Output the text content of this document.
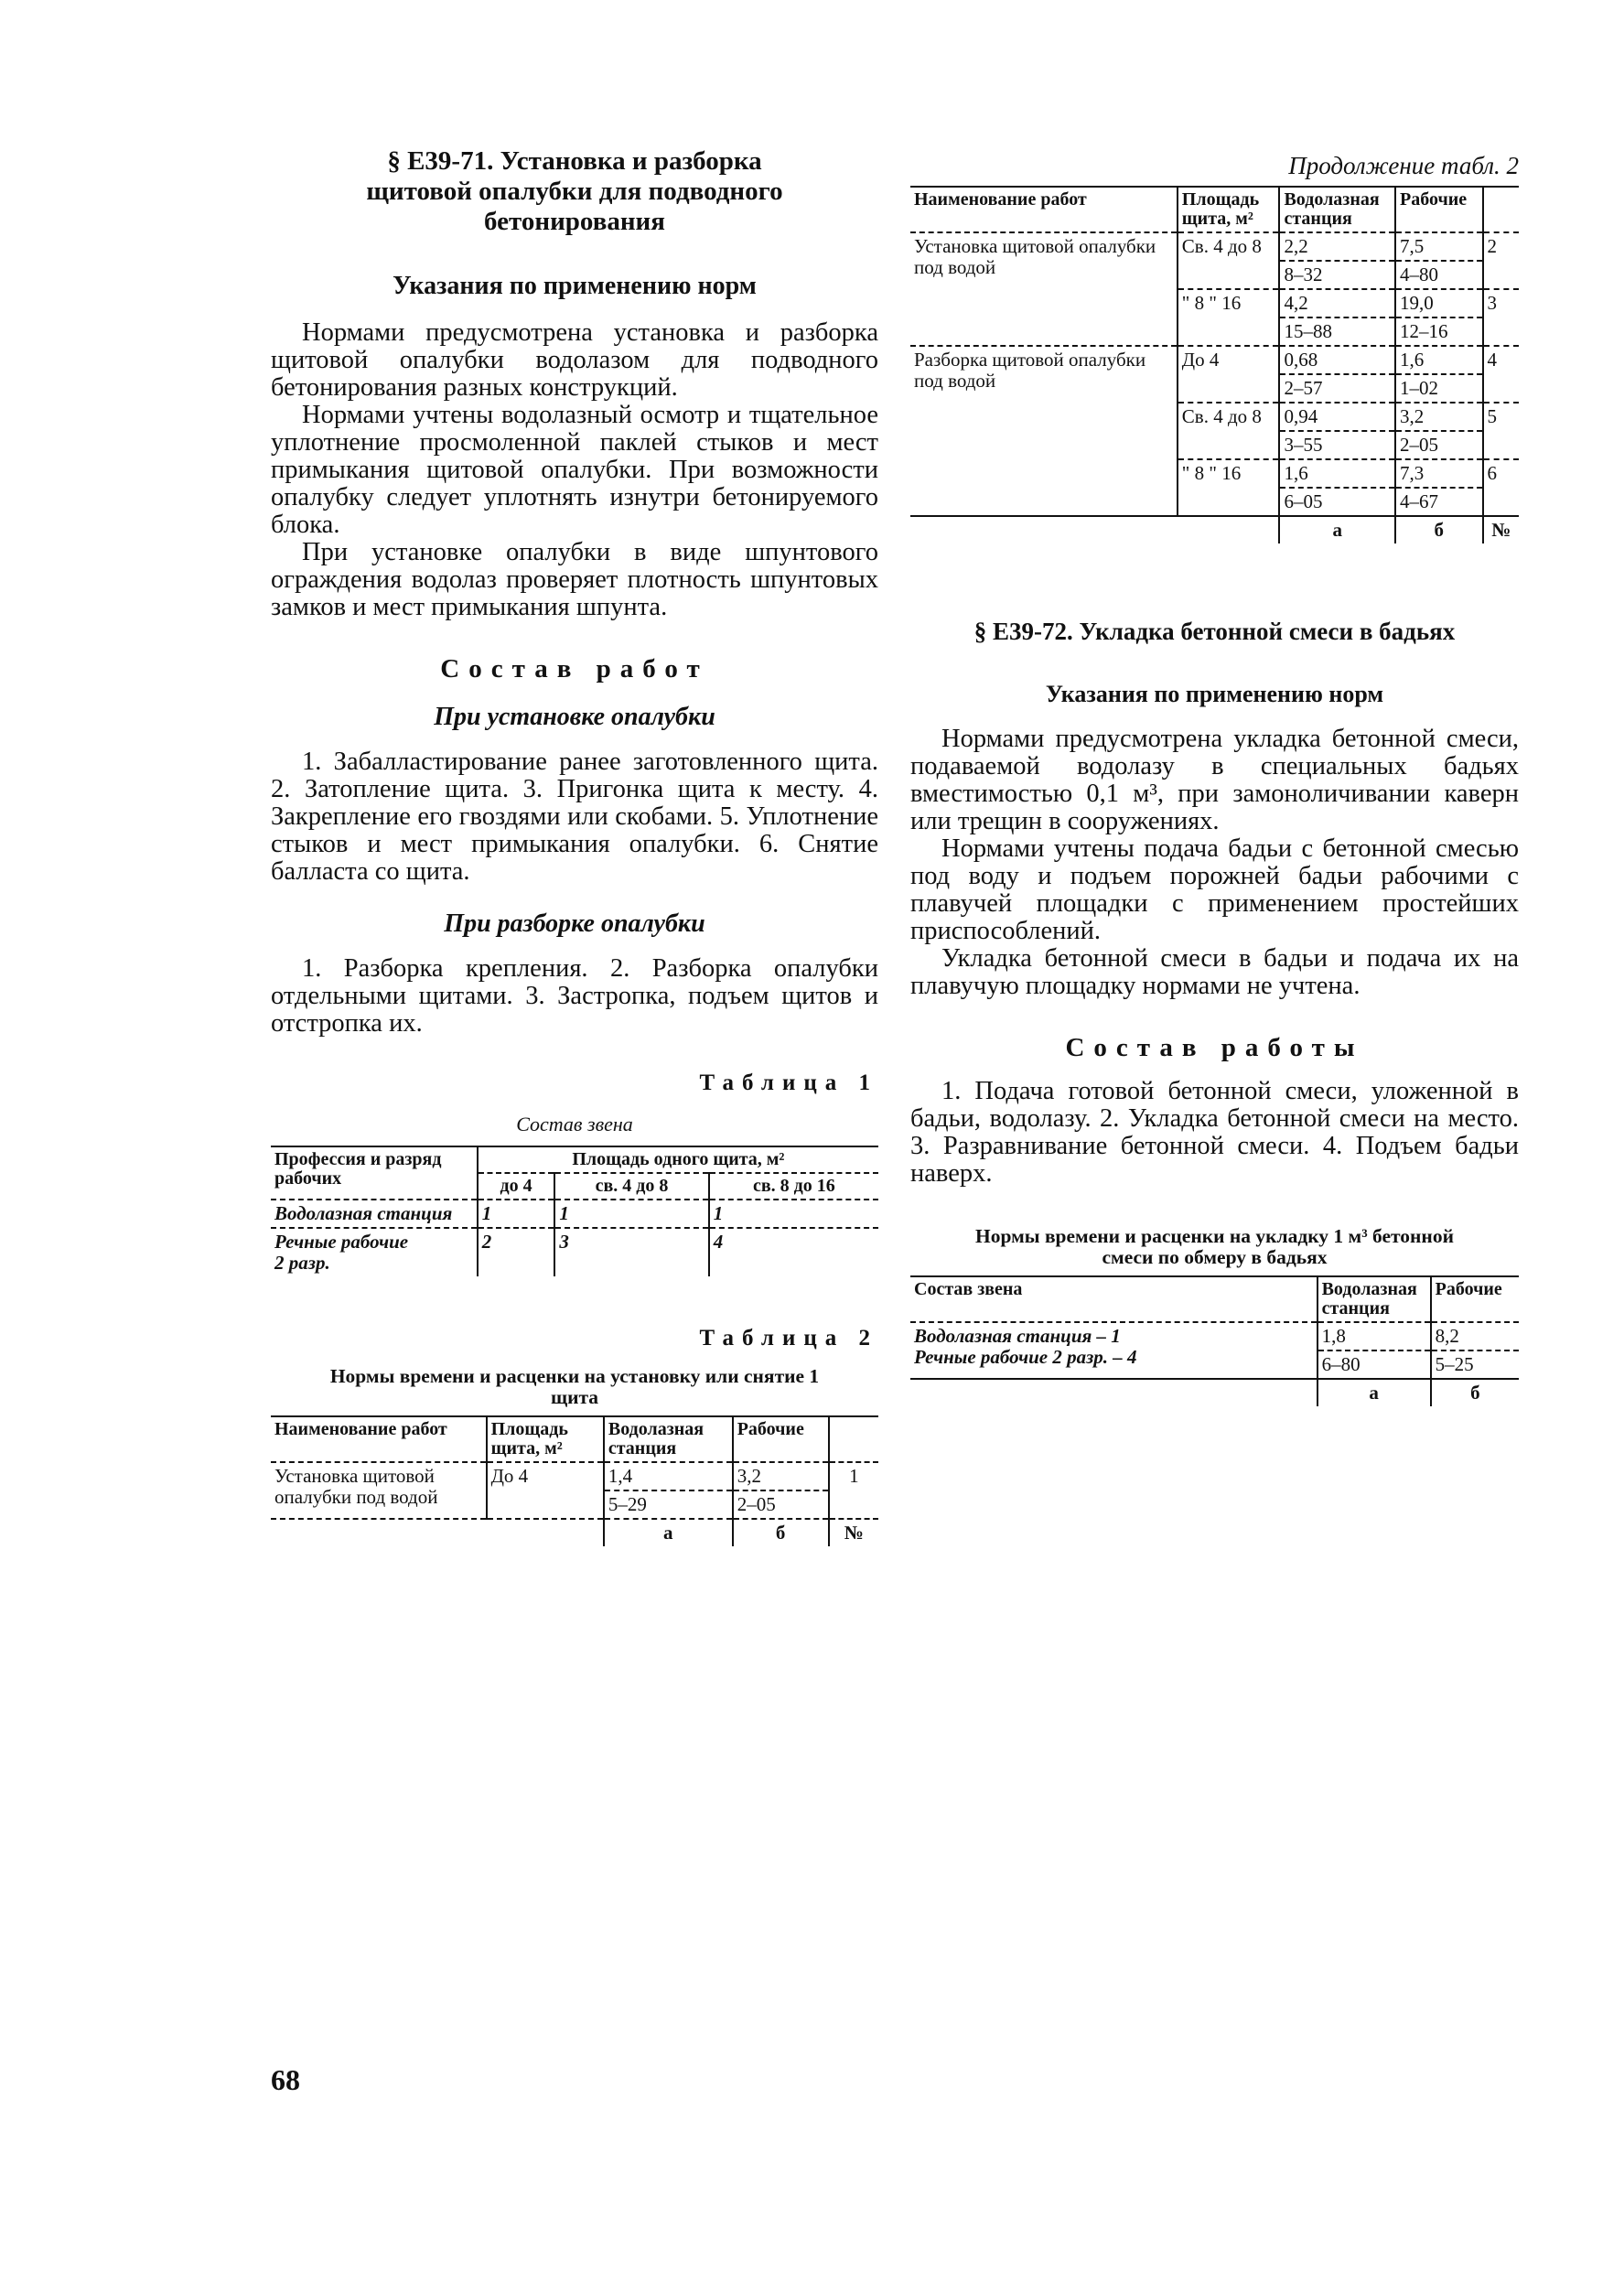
§ Е39-71. Установка и разборка щитовой опалубки для подводного бетонирования
Указания по применению норм

Нормами предусмотрена установка и разборка щитовой опалубки водолазом для подводного бетонирования разных конструкций.

Нормами учтены водолазный осмотр и тщательное уплотнение просмоленной паклей стыков и мест примыкания щитовой опалубки. При возможности опалубку следует уплотнять изнутри бетонируемого блока.

При установке опалубки в виде шпунтового ограждения водолаз проверяет плотность шпунтовых замков и мест примыкания шпунта.

Состав работ
При установке опалубки

1. Забалластирование ранее заготовленного щита. 2. Затопление щита. 3. Пригонка щита к месту. 4. Закрепление его гвоздями или скобами. 5. Уплотнение стыков и мест примыкания опалубки. 6. Снятие балласта со щита.

При разборке опалубки

1. Разборка крепления. 2. Разборка опалубки отдельными щитами. 3. Застропка, подъем щитов и отстропка их.

Таблица 1

Состав звена

Профессия и разряд рабочих	Площадь одного щита, м²		
	до 4	св. 4 до 8	св. 8 до 16
Водолазная станция	1	1	1
Речные рабочие 2 разр.	2	3	4

Таблица 2

Нормы времени и расценки на установку или снятие 1 щита

Наименование работ	Площадь щита, м²	Водолазная станция	Рабочие	
Установка щитовой опалубки под водой	До 4	1,4	3,2	1
		5–29	2–05	
		а	б	№
68

Продолжение табл. 2

Наименование работ	Площадь щита, м²	Водолазная станция	Рабочие	
Установка щитовой опалубки под водой	Св. 4 до 8	2,2	7,5	2
		8–32	4–80	
	" 8 " 16	4,2	19,0	3
		15–88	12–16	
Разборка щитовой опалубки под водой	До 4	0,68	1,6	4
		2–57	1–02	
	Св. 4 до 8	0,94	3,2	5
		3–55	2–05	
	" 8 " 16	1,6	7,3	6
		6–05	4–67	
		а	б	№
§ Е39-72. Укладка бетонной смеси в бадьях
Указания по применению норм

Нормами предусмотрена укладка бетонной смеси, подаваемой водолазу в специальных бадьях вместимостью 0,1 м³, при замоноличивании каверн или трещин в сооружениях.

Нормами учтены подача бадьи с бетонной смесью под воду и подъем порожней бадьи рабочими с плавучей площадки с применением простейших приспособлений.

Укладка бетонной смеси в бадьи и подача их на плавучую площадку нормами не учтена.

Состав работы

1. Подача готовой бетонной смеси, уложенной в бадьи, водолазу. 2. Укладка бетонной смеси на место. 3. Разравнивание бетонной смеси. 4. Подъем бадьи наверх.

Нормы времени и расценки на укладку 1 м³ бетонной смеси по обмеру в бадьях

Состав звена	Водолазная станция	Рабочие

Водолазная станция – 1
Речные рабочие 2 разр. – 4	1,8	8,2
	6–80	5–25
	а	б
